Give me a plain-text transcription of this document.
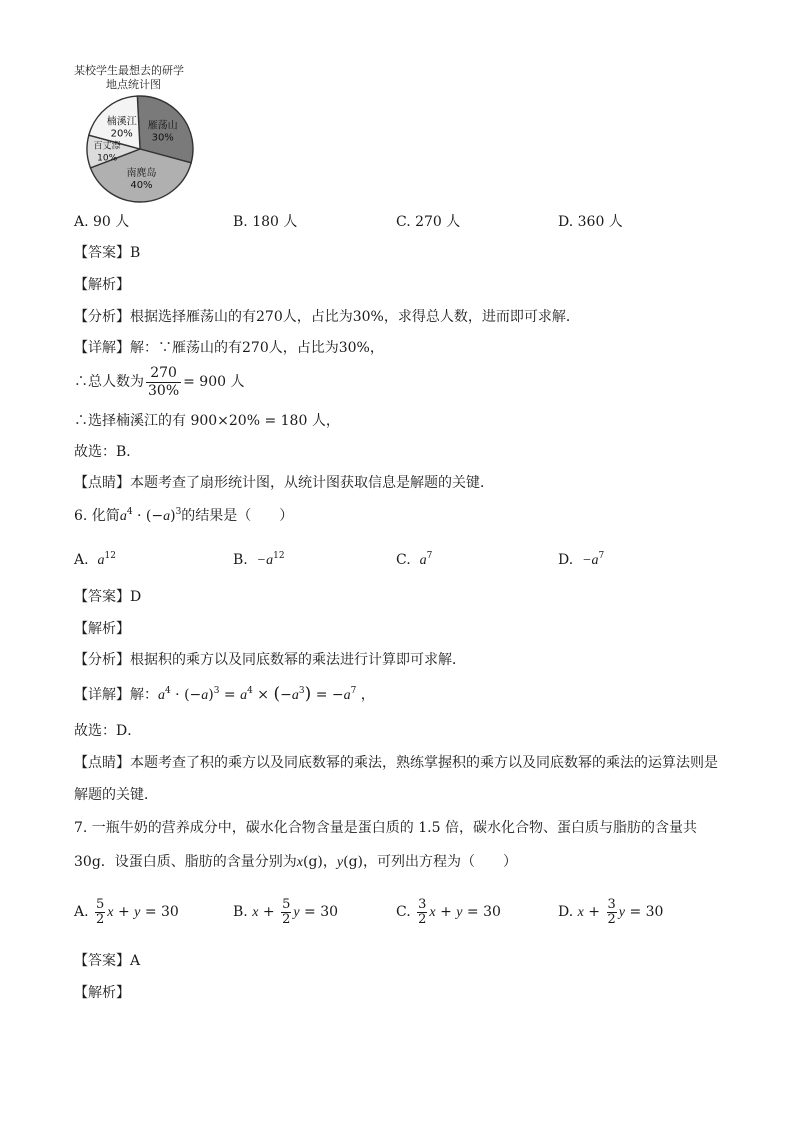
某校学生最想去的研学
地点统计图
雁荡山
30%
南麂岛
40%
百丈漈
10%
楠溪江
20%
A. 90 人	B. 180 人	C. 270 人	D. 360 人
【答案】B
【解析】
【分析】根据选择雁荡山的有270人，占比为30%，求得总人数，进而即可求解．
【详解】解：∵雁荡山的有270人，占比为30%，
∴总人数为 $\frac{270}{30\%} = 900$ 人
∴选择楠溪江的有 900×20% = 180 人，
故选：B．
【点睛】本题考查了扇形统计图，从统计图获取信息是解题的关键．
6. 化简$a^4 \cdot (-a)^3$的结果是（　　）
A. $a^{12}$	B. $-a^{12}$	C. $a^7$	D. $-a^7$
【答案】D
【解析】
【分析】根据积的乘方以及同底数幂的乘法进行计算即可求解．
【详解】解：$a^4 \cdot (-a)^3 = a^4 \times (-a^3) = -a^7$ ，
故选：D．
【点睛】本题考查了积的乘方以及同底数幂的乘法，熟练掌握积的乘方以及同底数幂的乘法的运算法则是
解题的关键．
7. 一瓶牛奶的营养成分中，碳水化合物含量是蛋白质的 1.5 倍，碳水化合物、蛋白质与脂肪的含量共
30g．设蛋白质、脂肪的含量分别为x(g)，y(g)，可列出方程为（　　）
A. $\frac{5}{2}$ x + y = 30	B. $x + \frac{5}{2}$ y = 30	C. $\frac{3}{2}$ x + y = 30	D. $x + \frac{3}{2}$ y = 30
【答案】A
【解析】
